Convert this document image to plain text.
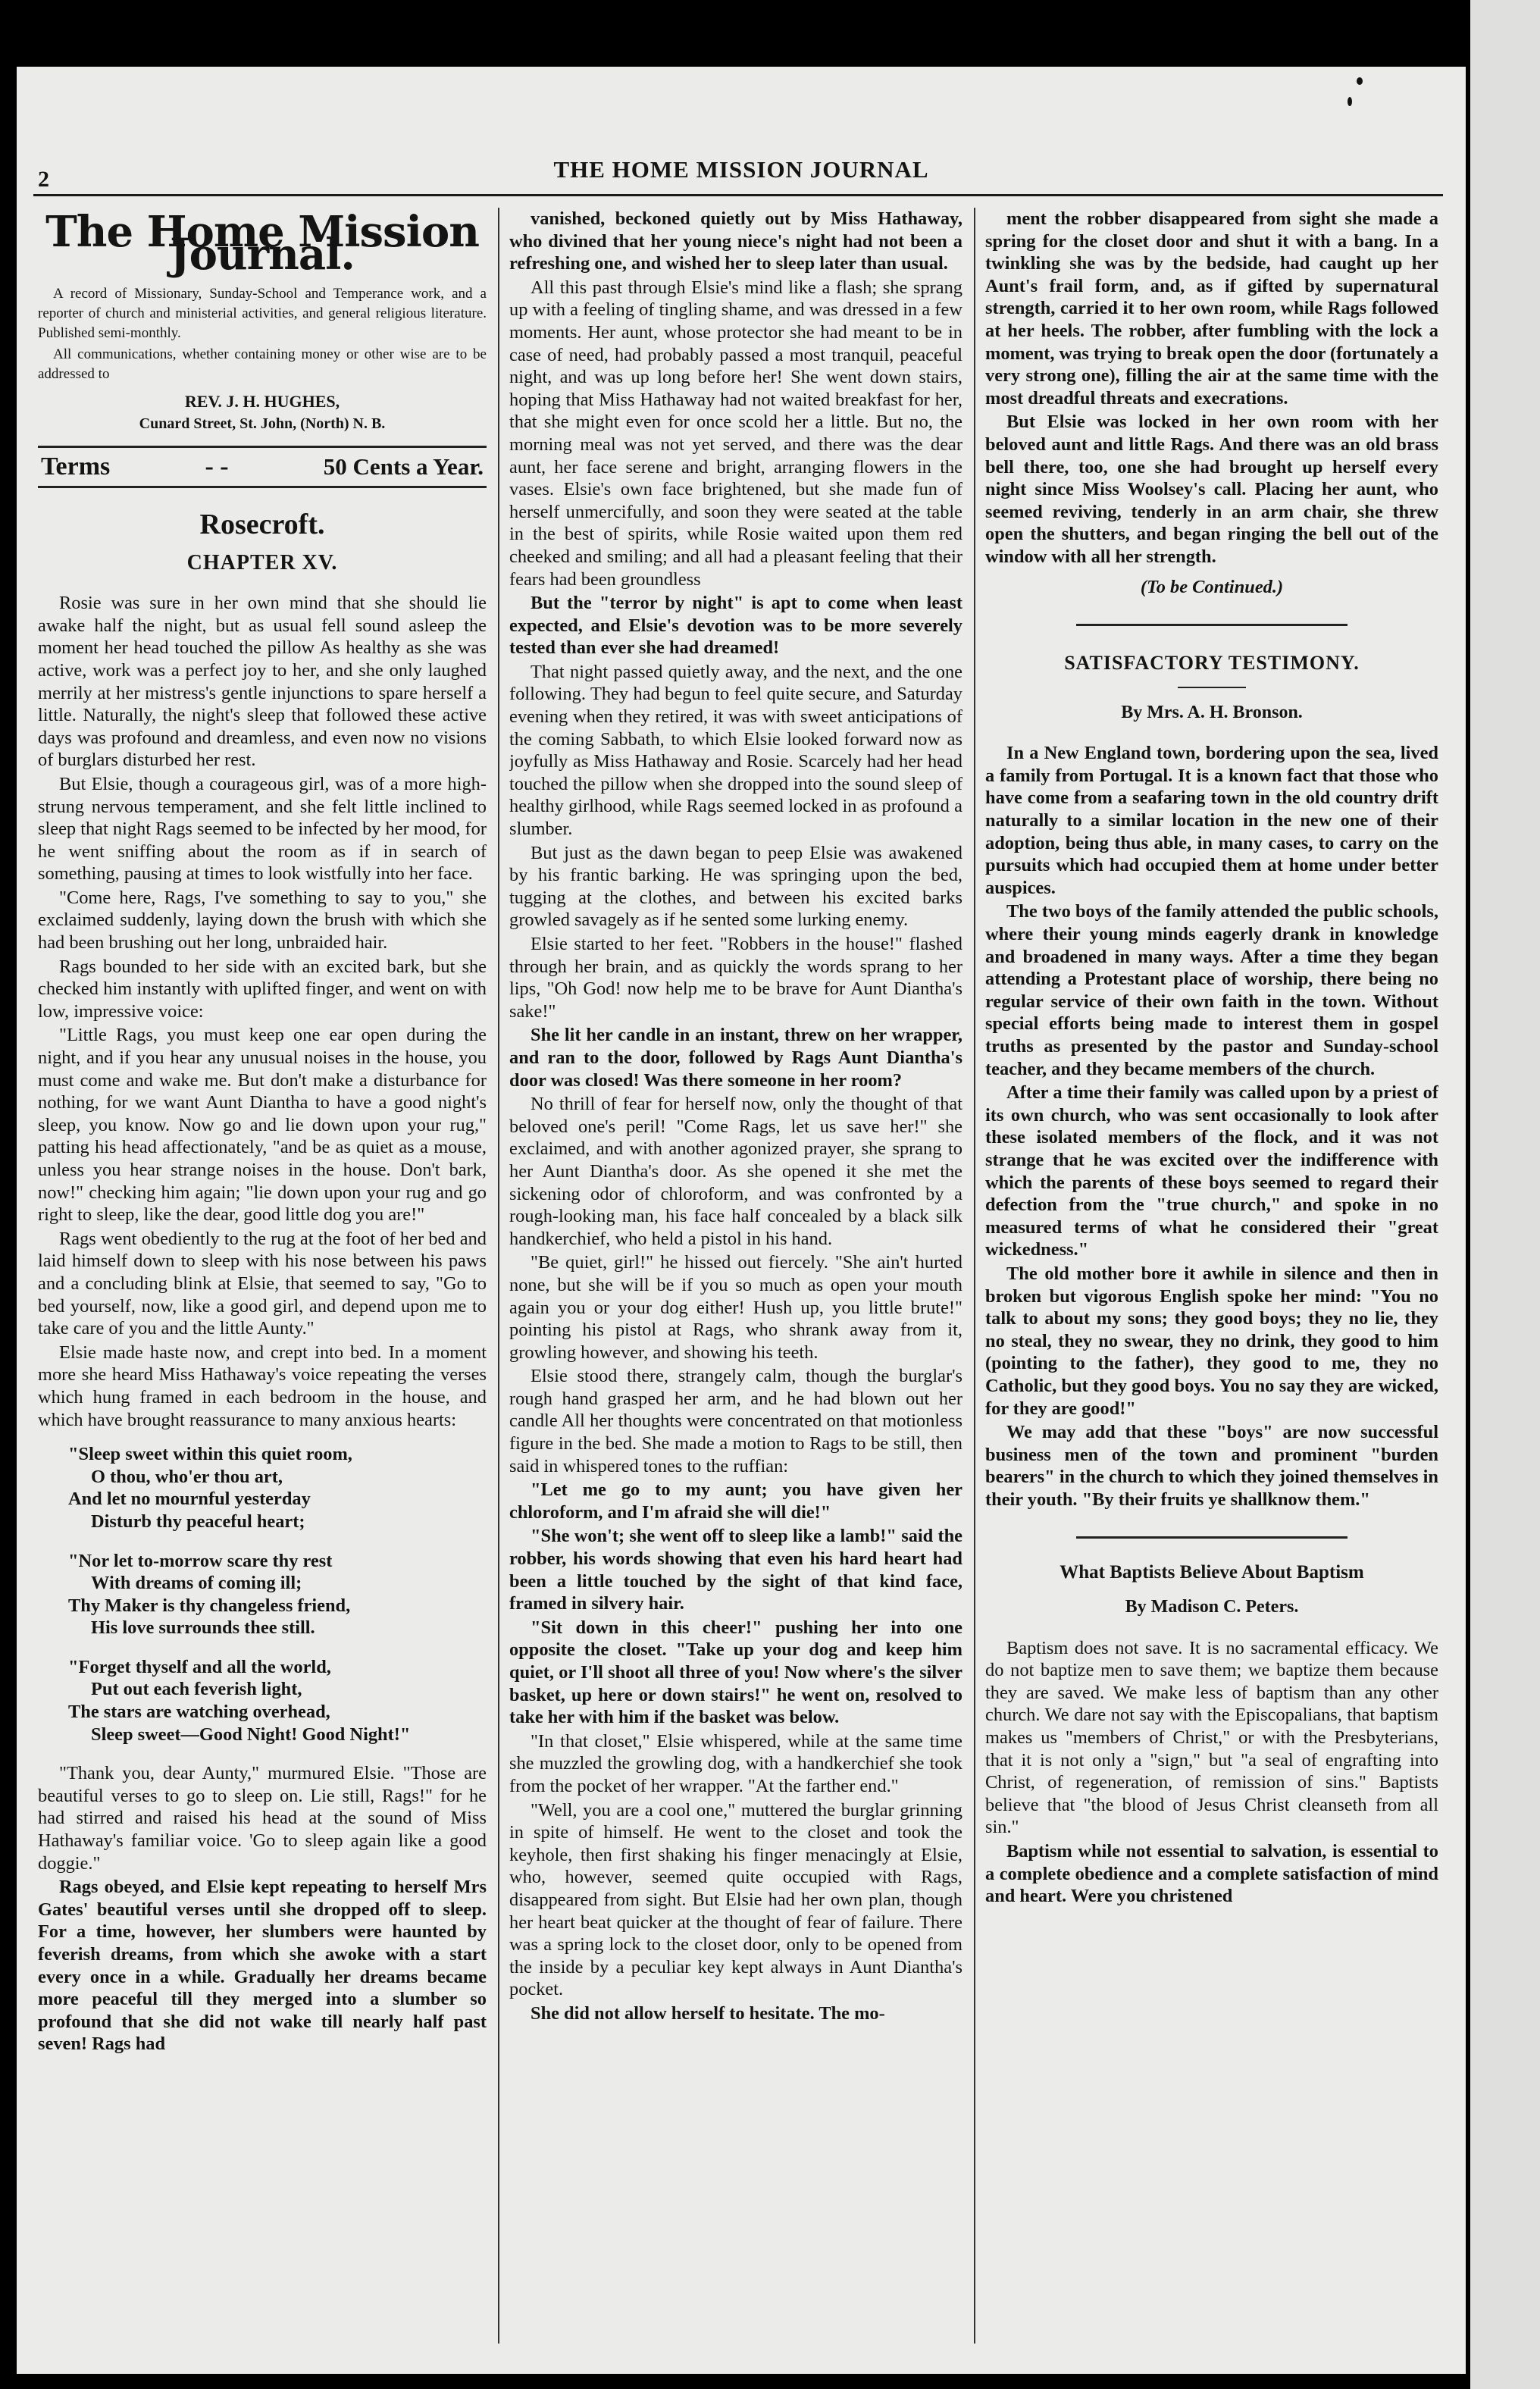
2	THE HOME MISSION JOURNAL
The Home Mission Journal.

A record of Missionary, Sunday-School and Temperance work, and a reporter of church and ministerial activities, and general religious literature. Published semi-monthly.

All communications, whether containing money or other wise are to be addressed to

REV. J. H. HUGHES,
Cunard Street, St. John, (North) N. B.
Terms	- -	50 Cents a Year.
Rosecroft.
CHAPTER XV.

Rosie was sure in her own mind that she should lie awake half the night, but as usual fell sound asleep the moment her head touched the pillow As healthy as she was active, work was a perfect joy to her, and she only laughed merrily at her mistress's gentle injunctions to spare herself a little. Naturally, the night's sleep that followed these active days was profound and dreamless, and even now no visions of burglars disturbed her rest.

But Elsie, though a courageous girl, was of a more high-strung nervous temperament, and she felt little inclined to sleep that night Rags seemed to be infected by her mood, for he went sniffing about the room as if in search of something, pausing at times to look wistfully into her face.

"Come here, Rags, I've something to say to you," she exclaimed suddenly, laying down the brush with which she had been brushing out her long, unbraided hair.

Rags bounded to her side with an excited bark, but she checked him instantly with uplifted finger, and went on with low, impressive voice:

"Little Rags, you must keep one ear open during the night, and if you hear any unusual noises in the house, you must come and wake me. But don't make a disturbance for nothing, for we want Aunt Diantha to have a good night's sleep, you know. Now go and lie down upon your rug," patting his head affectionately, "and be as quiet as a mouse, unless you hear strange noises in the house. Don't bark, now!" checking him again; "lie down upon your rug and go right to sleep, like the dear, good little dog you are!"

Rags went obediently to the rug at the foot of her bed and laid himself down to sleep with his nose between his paws and a concluding blink at Elsie, that seemed to say, "Go to bed yourself, now, like a good girl, and depend upon me to take care of you and the little Aunty."

Elsie made haste now, and crept into bed. In a moment more she heard Miss Hathaway's voice repeating the verses which hung framed in each bedroom in the house, and which have brought reassurance to many anxious hearts:

"Sleep sweet within this quiet room,
O thou, who'er thou art,
And let no mournful yesterday
Disturb thy peaceful heart;
"Nor let to-morrow scare thy rest
With dreams of coming ill;
Thy Maker is thy changeless friend,
His love surrounds thee still.
"Forget thyself and all the world,
Put out each feverish light,
The stars are watching overhead,
Sleep sweet—Good Night! Good Night!"

"Thank you, dear Aunty," murmured Elsie. "Those are beautiful verses to go to sleep on. Lie still, Rags!" for he had stirred and raised his head at the sound of Miss Hathaway's familiar voice. 'Go to sleep again like a good doggie."

Rags obeyed, and Elsie kept repeating to herself Mrs Gates' beautiful verses until she dropped off to sleep. For a time, however, her slumbers were haunted by feverish dreams, from which she awoke with a start every once in a while. Gradually her dreams became more peaceful till they merged into a slumber so profound that she did not wake till nearly half past seven! Rags had

vanished, beckoned quietly out by Miss Hathaway, who divined that her young niece's night had not been a refreshing one, and wished her to sleep later than usual.

All this past through Elsie's mind like a flash; she sprang up with a feeling of tingling shame, and was dressed in a few moments. Her aunt, whose protector she had meant to be in case of need, had probably passed a most tranquil, peaceful night, and was up long before her! She went down stairs, hoping that Miss Hathaway had not waited breakfast for her, that she might even for once scold her a little. But no, the morning meal was not yet served, and there was the dear aunt, her face serene and bright, arranging flowers in the vases. Elsie's own face brightened, but she made fun of herself unmercifully, and soon they were seated at the table in the best of spirits, while Rosie waited upon them red cheeked and smiling; and all had a pleasant feeling that their fears had been groundless

But the "terror by night" is apt to come when least expected, and Elsie's devotion was to be more severely tested than ever she had dreamed!

That night passed quietly away, and the next, and the one following. They had begun to feel quite secure, and Saturday evening when they retired, it was with sweet anticipations of the coming Sabbath, to which Elsie looked forward now as joyfully as Miss Hathaway and Rosie. Scarcely had her head touched the pillow when she dropped into the sound sleep of healthy girlhood, while Rags seemed locked in as profound a slumber.

But just as the dawn began to peep Elsie was awakened by his frantic barking. He was springing upon the bed, tugging at the clothes, and between his excited barks growled savagely as if he sented some lurking enemy.

Elsie started to her feet. "Robbers in the house!" flashed through her brain, and as quickly the words sprang to her lips, "Oh God! now help me to be brave for Aunt Diantha's sake!"

She lit her candle in an instant, threw on her wrapper, and ran to the door, followed by Rags Aunt Diantha's door was closed! Was there someone in her room?

No thrill of fear for herself now, only the thought of that beloved one's peril! "Come Rags, let us save her!" she exclaimed, and with another agonized prayer, she sprang to her Aunt Diantha's door. As she opened it she met the sickening odor of chloroform, and was confronted by a rough-looking man, his face half concealed by a black silk handkerchief, who held a pistol in his hand.

"Be quiet, girl!" he hissed out fiercely. "She ain't hurted none, but she will be if you so much as open your mouth again you or your dog either! Hush up, you little brute!" pointing his pistol at Rags, who shrank away from it, growling however, and showing his teeth.

Elsie stood there, strangely calm, though the burglar's rough hand grasped her arm, and he had blown out her candle All her thoughts were concentrated on that motionless figure in the bed. She made a motion to Rags to be still, then said in whispered tones to the ruffian:

"Let me go to my aunt; you have given her chloroform, and I'm afraid she will die!"

"She won't; she went off to sleep like a lamb!" said the robber, his words showing that even his hard heart had been a little touched by the sight of that kind face, framed in silvery hair.

"Sit down in this cheer!" pushing her into one opposite the closet. "Take up your dog and keep him quiet, or I'll shoot all three of you! Now where's the silver basket, up here or down stairs!" he went on, resolved to take her with him if the basket was below.

"In that closet," Elsie whispered, while at the same time she muzzled the growling dog, with a handkerchief she took from the pocket of her wrapper. "At the farther end."

"Well, you are a cool one," muttered the burglar grinning in spite of himself. He went to the closet and took the keyhole, then first shaking his finger menacingly at Elsie, who, however, seemed quite occupied with Rags, disappeared from sight. But Elsie had her own plan, though her heart beat quicker at the thought of fear of failure. There was a spring lock to the closet door, only to be opened from the inside by a peculiar key kept always in Aunt Diantha's pocket.

She did not allow herself to hesitate. The mo-

ment the robber disappeared from sight she made a spring for the closet door and shut it with a bang. In a twinkling she was by the bedside, had caught up her Aunt's frail form, and, as if gifted by supernatural strength, carried it to her own room, while Rags followed at her heels. The robber, after fumbling with the lock a moment, was trying to break open the door (fortunately a very strong one), filling the air at the same time with the most dreadful threats and execrations.

But Elsie was locked in her own room with her beloved aunt and little Rags. And there was an old brass bell there, too, one she had brought up herself every night since Miss Woolsey's call. Placing her aunt, who seemed reviving, tenderly in an arm chair, she threw open the shutters, and began ringing the bell out of the window with all her strength.

(To be Continued.)
SATISFACTORY TESTIMONY.
By Mrs. A. H. Bronson.

In a New England town, bordering upon the sea, lived a family from Portugal. It is a known fact that those who have come from a seafaring town in the old country drift naturally to a similar location in the new one of their adoption, being thus able, in many cases, to carry on the pursuits which had occupied them at home under better auspices.

The two boys of the family attended the public schools, where their young minds eagerly drank in knowledge and broadened in many ways. After a time they began attending a Protestant place of worship, there being no regular service of their own faith in the town. Without special efforts being made to interest them in gospel truths as presented by the pastor and Sunday-school teacher, and they became members of the church.

After a time their family was called upon by a priest of its own church, who was sent occasionally to look after these isolated members of the flock, and it was not strange that he was excited over the indifference with which the parents of these boys seemed to regard their defection from the "true church," and spoke in no measured terms of what he considered their "great wickedness."

The old mother bore it awhile in silence and then in broken but vigorous English spoke her mind: "You no talk to about my sons; they good boys; they no lie, they no steal, they no swear, they no drink, they good to him (pointing to the father), they good to me, they no Catholic, but they good boys. You no say they are wicked, for they are good!"

We may add that these "boys" are now successful business men of the town and prominent "burden bearers" in the church to which they joined themselves in their youth. "By their fruits ye shallknow them."

What Baptists Believe About Baptism
By Madison C. Peters.

Baptism does not save. It is no sacramental efficacy. We do not baptize men to save them; we baptize them because they are saved. We make less of baptism than any other church. We dare not say with the Episcopalians, that baptism makes us "members of Christ," or with the Presbyterians, that it is not only a "sign," but "a seal of engrafting into Christ, of regeneration, of remission of sins." Baptists believe that "the blood of Jesus Christ cleanseth from all sin."

Baptism while not essential to salvation, is essential to a complete obedience and a complete satisfaction of mind and heart. Were you christened
